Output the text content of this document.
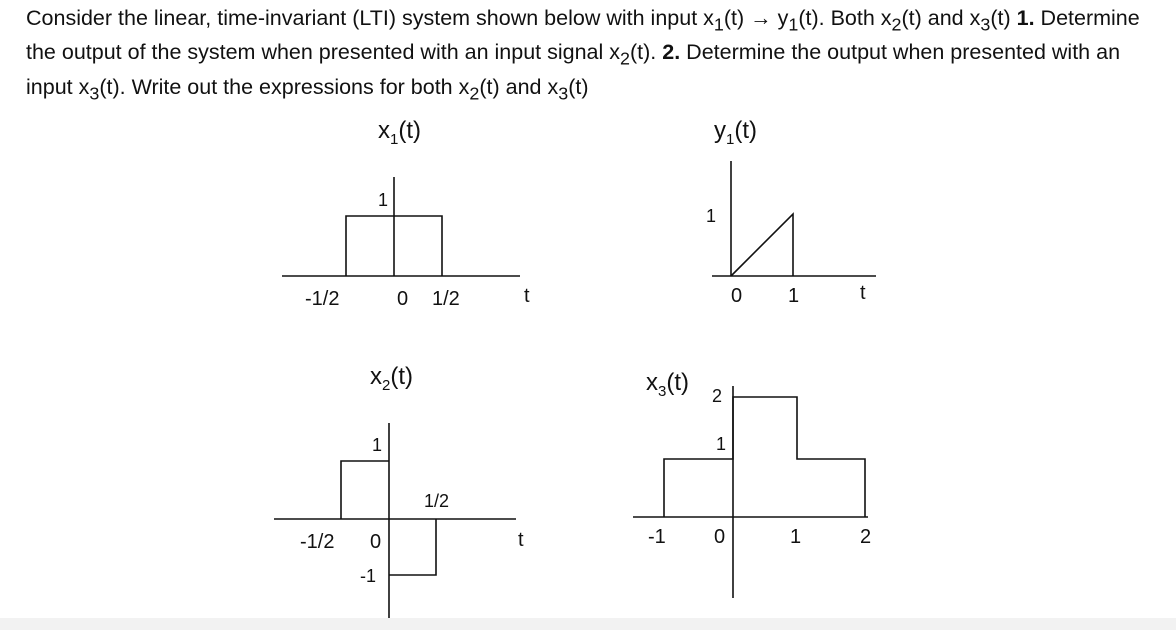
Consider the linear, time-invariant (LTI) system shown below with input $x_1(t) \to y_1(t)$. Both $x_2(t)$ and $x_3(t)$ 1. Determine the output of the system when presented with an input signal $x_2(t)$. 2. Determine the output when presented with an input $x_3(t)$. Write out the expressions for both $x_2(t)$ and $x_3(t)$
$x_1(t)$
1
-1/2	0 1/2	t
$y_1(t)$
1
0 1	t
$x_2(t)$
1
-1
-1/2 0
1/2
t
$x_3(t)$ 2
1
-1 0	1	2
